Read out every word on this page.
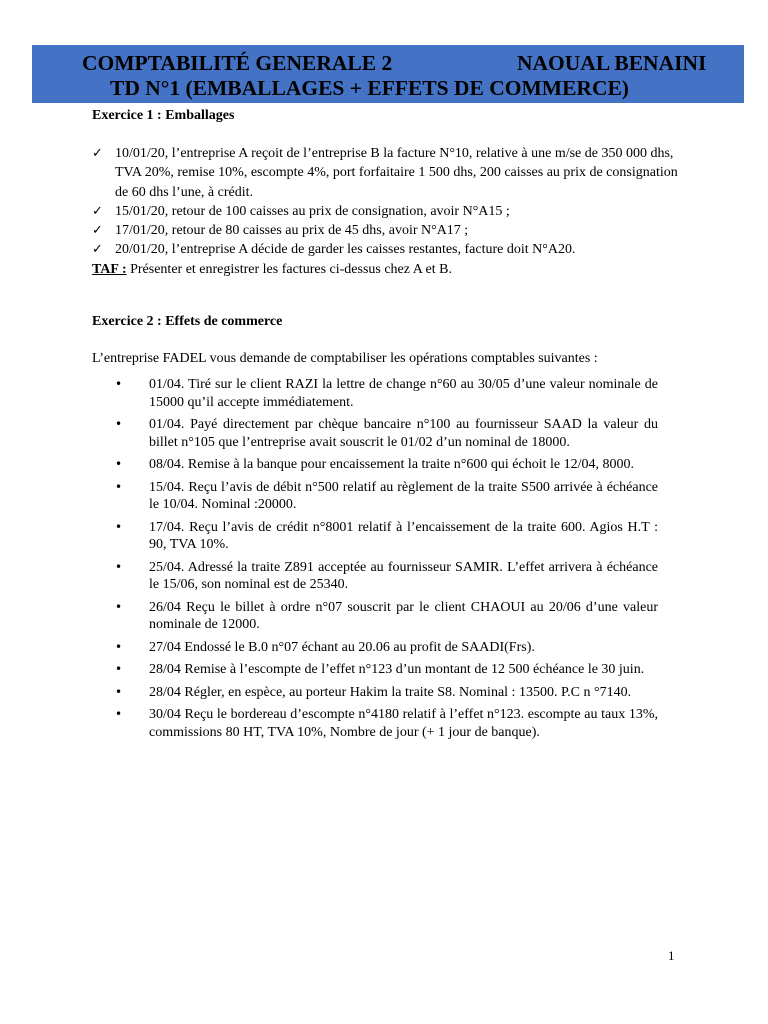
COMPTABILITÉ GENERALE 2	NAOUAL BENAINI
TD N°1 (EMBALLAGES + EFFETS DE COMMERCE)
Exercice 1 : Emballages
✓ 10/01/20, l’entreprise A reçoit de l’entreprise B la facture N°10, relative à une m/se de 350 000 dhs, TVA 20%, remise 10%, escompte 4%, port forfaitaire 1 500 dhs, 200 caisses au prix de consignation de 60 dhs l’une, à crédit.
✓ 15/01/20, retour de 100 caisses au prix de consignation, avoir N°A15 ;
✓ 17/01/20, retour de 80 caisses au prix de 45 dhs, avoir N°A17 ;
✓ 20/01/20, l’entreprise A décide de garder les caisses restantes, facture doit N°A20.
TAF : Présenter et enregistrer les factures ci-dessus chez A et B.
Exercice 2 : Effets de commerce
L’entreprise FADEL vous demande de comptabiliser les opérations comptables suivantes :
• 01/04. Tiré sur le client RAZI la lettre de change n°60 au 30/05 d’une valeur nominale de 15000 qu’il accepte immédiatement.
• 01/04. Payé directement par chèque bancaire n°100 au fournisseur SAAD la valeur du billet n°105 que l’entreprise avait souscrit le 01/02 d’un nominal de 18000.
• 08/04. Remise à la banque pour encaissement la traite n°600 qui échoit le 12/04, 8000.
• 15/04. Reçu l’avis de débit n°500 relatif au règlement de la traite S500 arrivée à échéance le 10/04. Nominal :20000.
• 17/04. Reçu l’avis de crédit n°8001 relatif à l’encaissement de la traite 600. Agios H.T : 90, TVA 10%.
• 25/04. Adressé la traite Z891 acceptée au fournisseur SAMIR. L’effet arrivera à échéance le 15/06, son nominal est de 25340.
• 26/04 Reçu le billet à ordre n°07 souscrit par le client CHAOUI au 20/06 d’une valeur nominale de 12000.
• 27/04 Endossé le B.0 n°07 échant au 20.06 au profit de SAADI(Frs).
• 28/04 Remise à l’escompte de l’effet n°123 d’un montant de 12 500 échéance le 30 juin.
• 28/04 Régler, en espèce, au porteur Hakim la traite S8. Nominal : 13500. P.C n °7140.
• 30/04 Reçu le bordereau d’escompte n°4180 relatif à l’effet n°123. escompte au taux 13%, commissions 80 HT, TVA 10%, Nombre de jour (+ 1 jour de banque).
1
